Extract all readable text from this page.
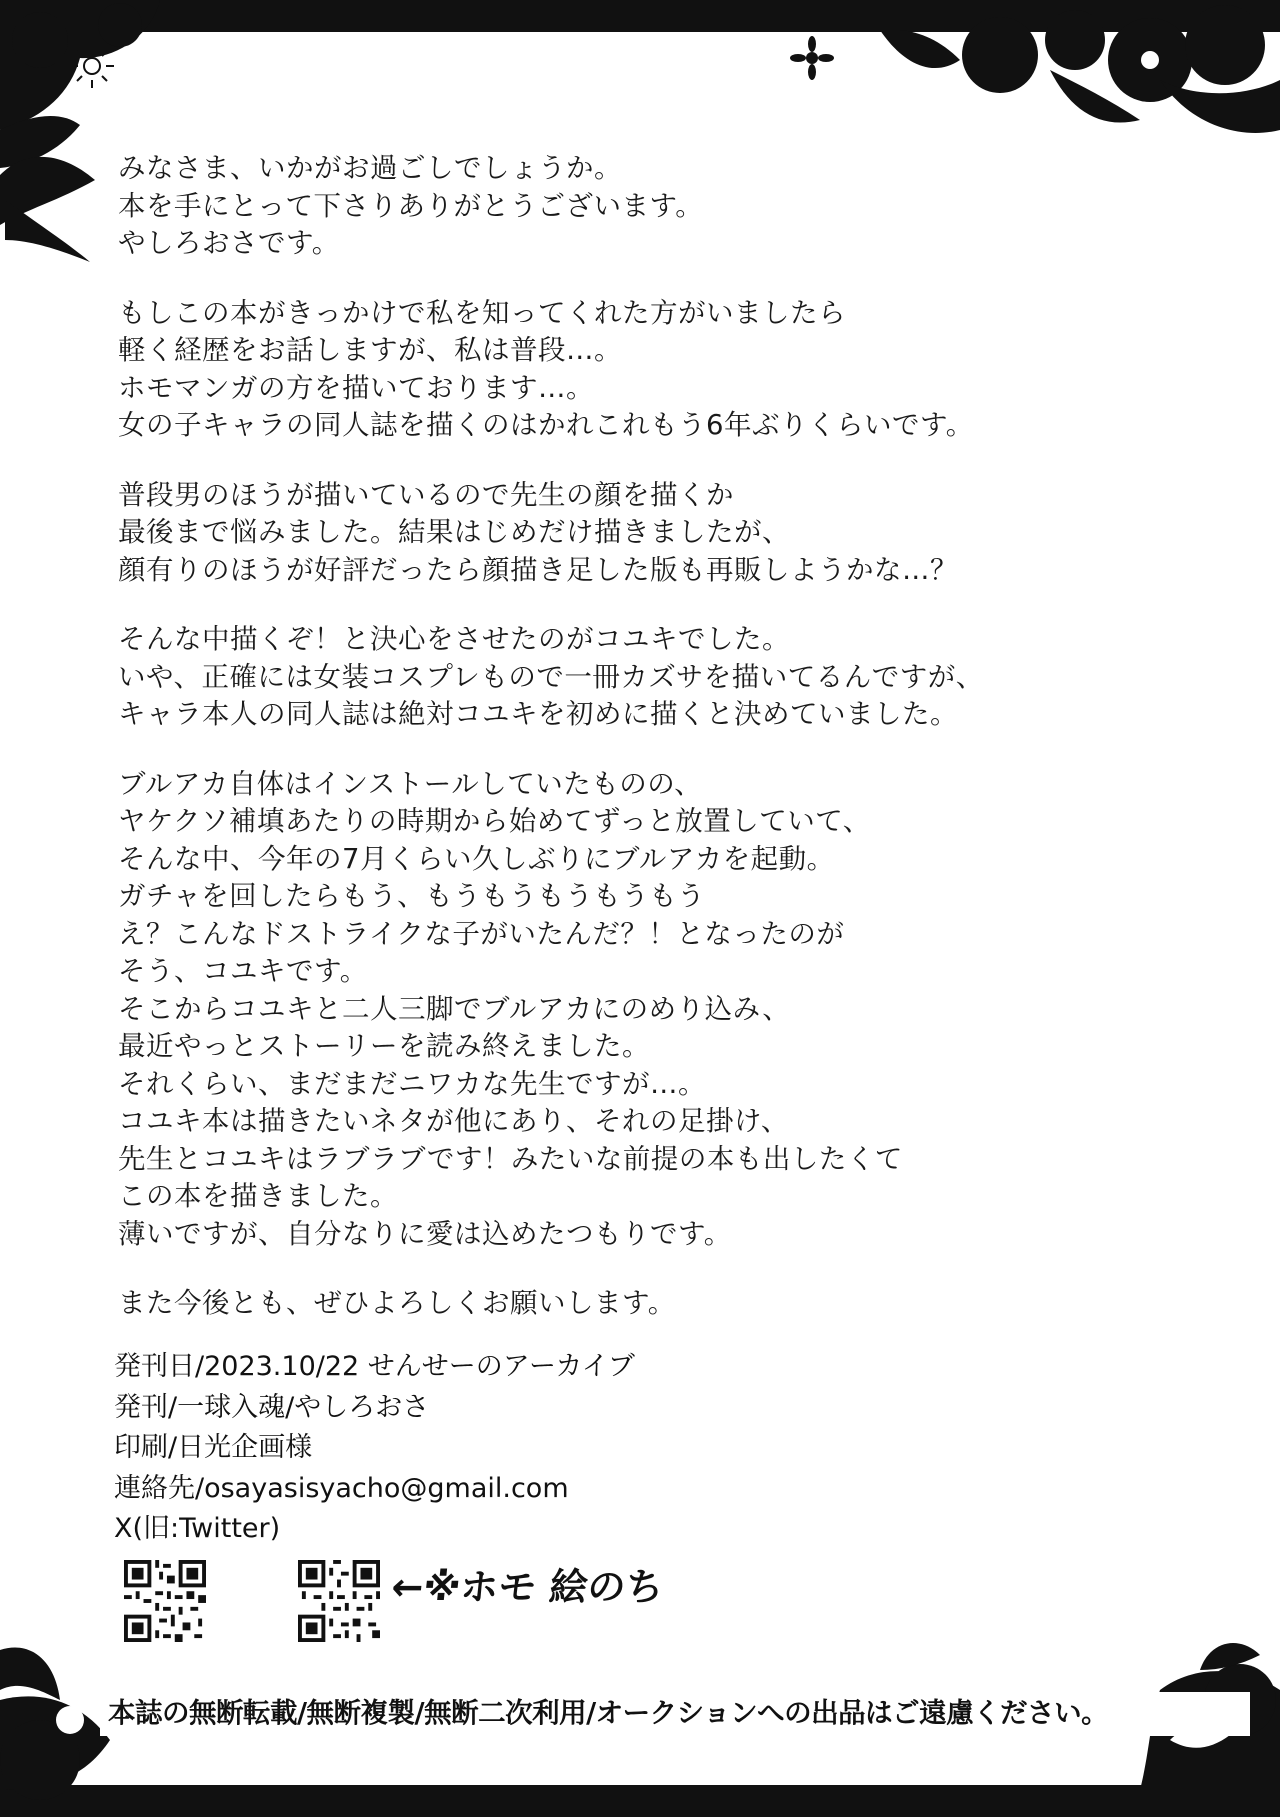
みなさま、いかがお過ごしでしょうか。
本を手にとって下さりありがとうございます。
やしろおさです。
もしこの本がきっかけで私を知ってくれた方がいましたら
軽く経歴をお話しますが、私は普段…。
ホモマンガの方を描いております…。
女の子キャラの同人誌を描くのはかれこれもう6年ぶりくらいです。
普段男のほうが描いているので先生の顔を描くか
最後まで悩みました。結果はじめだけ描きましたが、
顔有りのほうが好評だったら顔描き足した版も再販しようかな…？
そんな中描くぞ！と決心をさせたのがコユキでした。
いや、正確には女装コスプレもので一冊カズサを描いてるんですが、
キャラ本人の同人誌は絶対コユキを初めに描くと決めていました。
ブルアカ自体はインストールしていたものの、
ヤケクソ補填あたりの時期から始めてずっと放置していて、
そんな中、今年の7月くらい久しぶりにブルアカを起動。
ガチャを回したらもう、もうもうもうもうもう
え？こんなドストライクな子がいたんだ？！となったのが
そう、コユキです。
そこからコユキと二人三脚でブルアカにのめり込み、
最近やっとストーリーを読み終えました。
それくらい、まだまだニワカな先生ですが…。
コユキ本は描きたいネタが他にあり、それの足掛け、
先生とコユキはラブラブです！みたいな前提の本も出したくて
この本を描きました。
薄いですが、自分なりに愛は込めたつもりです。
また今後とも、ぜひよろしくお願いします。
発刊日/2023.10/22 せんせーのアーカイブ
発刊/一球入魂/やしろおさ
印刷/日光企画様
連絡先/osayasisyacho@gmail.com
X(旧:Twitter)
←※ホモ 絵のち
本誌の無断転載/無断複製/無断二次利用/オークションへの出品はご遠慮ください。
